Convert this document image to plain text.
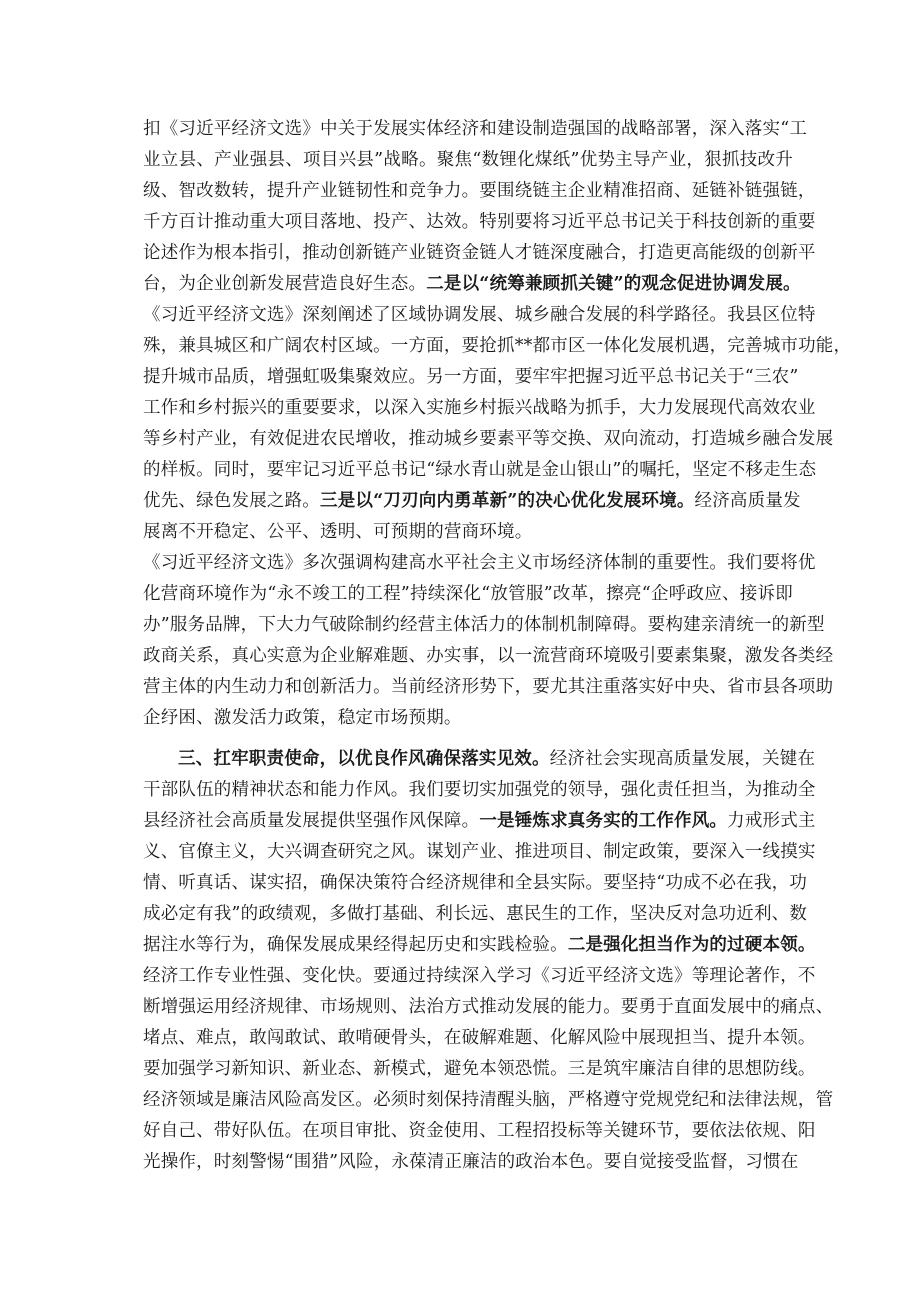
扣《习近平经济文选》中关于发展实体经济和建设制造强国的战略部署，深入落实“工
业立县、产业强县、项目兴县”战略。聚焦“数锂化煤纸”优势主导产业，狠抓技改升
级、智改数转，提升产业链韧性和竞争力。要围绕链主企业精准招商、延链补链强链，
千方百计推动重大项目落地、投产、达效。特别要将习近平总书记关于科技创新的重要
论述作为根本指引，推动创新链产业链资金链人才链深度融合，打造更高能级的创新平
台，为企业创新发展营造良好生态。二是以“统筹兼顾抓关键”的观念促进协调发展。
《习近平经济文选》深刻阐述了区域协调发展、城乡融合发展的科学路径。我县区位特
殊，兼具城区和广阔农村区域。一方面，要抢抓**都市区一体化发展机遇，完善城市功能，
提升城市品质，增强虹吸集聚效应。另一方面，要牢牢把握习近平总书记关于“三农”
工作和乡村振兴的重要要求，以深入实施乡村振兴战略为抓手，大力发展现代高效农业
等乡村产业，有效促进农民增收，推动城乡要素平等交换、双向流动，打造城乡融合发展
的样板。同时，要牢记习近平总书记“绿水青山就是金山银山”的嘱托，坚定不移走生态
优先、绿色发展之路。三是以“刀刃向内勇革新”的决心优化发展环境。经济高质量发
展离不开稳定、公平、透明、可预期的营商环境。
《习近平经济文选》多次强调构建高水平社会主义市场经济体制的重要性。我们要将优
化营商环境作为“永不竣工的工程”持续深化“放管服”改革，擦亮“企呼政应、接诉即
办”服务品牌，下大力气破除制约经营主体活力的体制机制障碍。要构建亲清统一的新型
政商关系，真心实意为企业解难题、办实事，以一流营商环境吸引要素集聚，激发各类经
营主体的内生动力和创新活力。当前经济形势下，要尤其注重落实好中央、省市县各项助
企纾困、激发活力政策，稳定市场预期。
三、扛牢职责使命，以优良作风确保落实见效。经济社会实现高质量发展，关键在
干部队伍的精神状态和能力作风。我们要切实加强党的领导，强化责任担当，为推动全
县经济社会高质量发展提供坚强作风保障。一是锤炼求真务实的工作作风。力戒形式主
义、官僚主义，大兴调查研究之风。谋划产业、推进项目、制定政策，要深入一线摸实
情、听真话、谋实招，确保决策符合经济规律和全县实际。要坚持“功成不必在我，功
成必定有我”的政绩观，多做打基础、利长远、惠民生的工作，坚决反对急功近利、数
据注水等行为，确保发展成果经得起历史和实践检验。二是强化担当作为的过硬本领。
经济工作专业性强、变化快。要通过持续深入学习《习近平经济文选》等理论著作，不
断增强运用经济规律、市场规则、法治方式推动发展的能力。要勇于直面发展中的痛点、
堵点、难点，敢闯敢试、敢啃硬骨头，在破解难题、化解风险中展现担当、提升本领。
要加强学习新知识、新业态、新模式，避免本领恐慌。三是筑牢廉洁自律的思想防线。
经济领域是廉洁风险高发区。必须时刻保持清醒头脑，严格遵守党规党纪和法律法规，管
好自己、带好队伍。在项目审批、资金使用、工程招投标等关键环节，要依法依规、阳
光操作，时刻警惕“围猎”风险，永葆清正廉洁的政治本色。要自觉接受监督，习惯在
